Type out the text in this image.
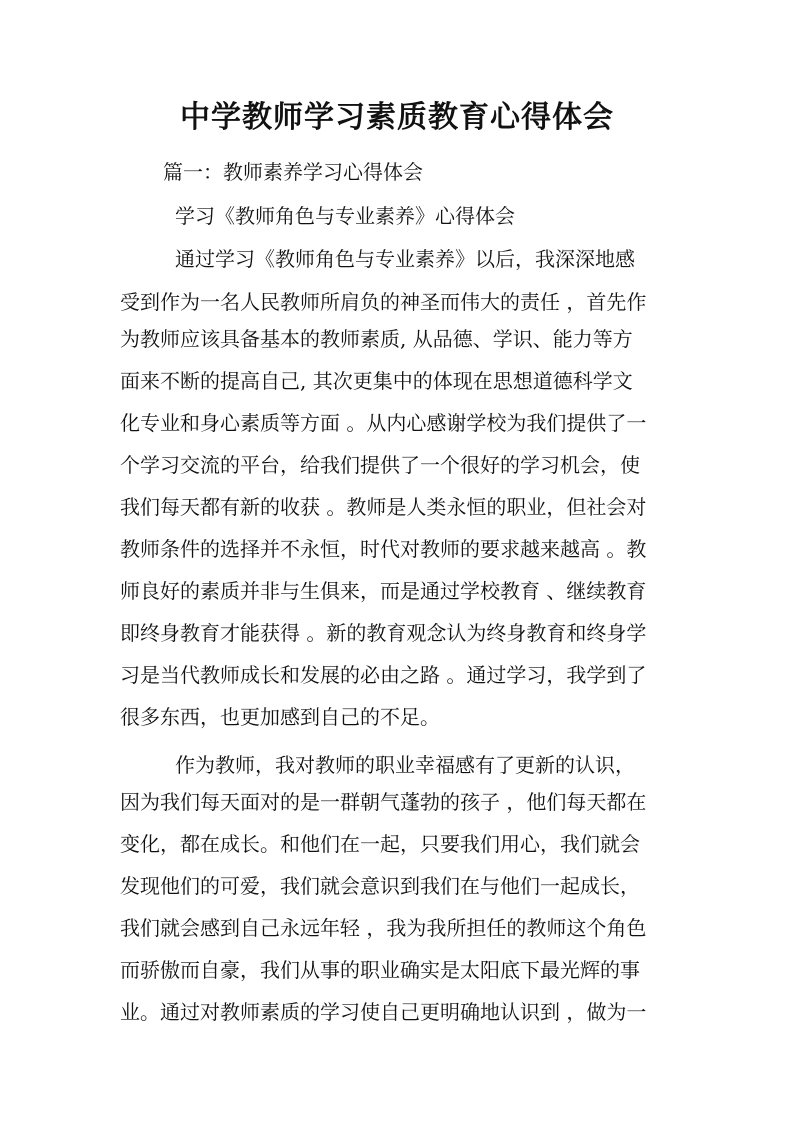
中学教师学习素质教育心得体会

篇一：教师素养学习心得体会

学习《教师角色与专业素养》心得体会

通过学习《教师角色与专业素养》以后，我深深地感

受到作为一名人民教师所肩负的神圣而伟大的责任 ，首先作

为教师应该具备基本的教师素质, 从品德、学识、能力等方

面来不断的提高自己, 其次更集中的体现在思想道德科学文

化专业和身心素质等方面 。从内心感谢学校为我们提供了一

个学习交流的平台，给我们提供了一个很好的学习机会，使

我们每天都有新的收获 。教师是人类永恒的职业，但社会对

教师条件的选择并不永恒，时代对教师的要求越来越高 。教

师良好的素质并非与生俱来，而是通过学校教育 、继续教育

即终身教育才能获得 。新的教育观念认为终身教育和终身学

习是当代教师成长和发展的必由之路 。通过学习，我学到了

很多东西，也更加感到自己的不足。

作为教师，我对教师的职业幸福感有了更新的认识，

因为我们每天面对的是一群朝气蓬勃的孩子 ，他们每天都在

变化，都在成长。和他们在一起，只要我们用心，我们就会

发现他们的可爱，我们就会意识到我们在与他们一起成长，

我们就会感到自己永远年轻 ，我为我所担任的教师这个角色

而骄傲而自豪，我们从事的职业确实是太阳底下最光辉的事

业。通过对教师素质的学习使自己更明确地认识到 ，做为一
